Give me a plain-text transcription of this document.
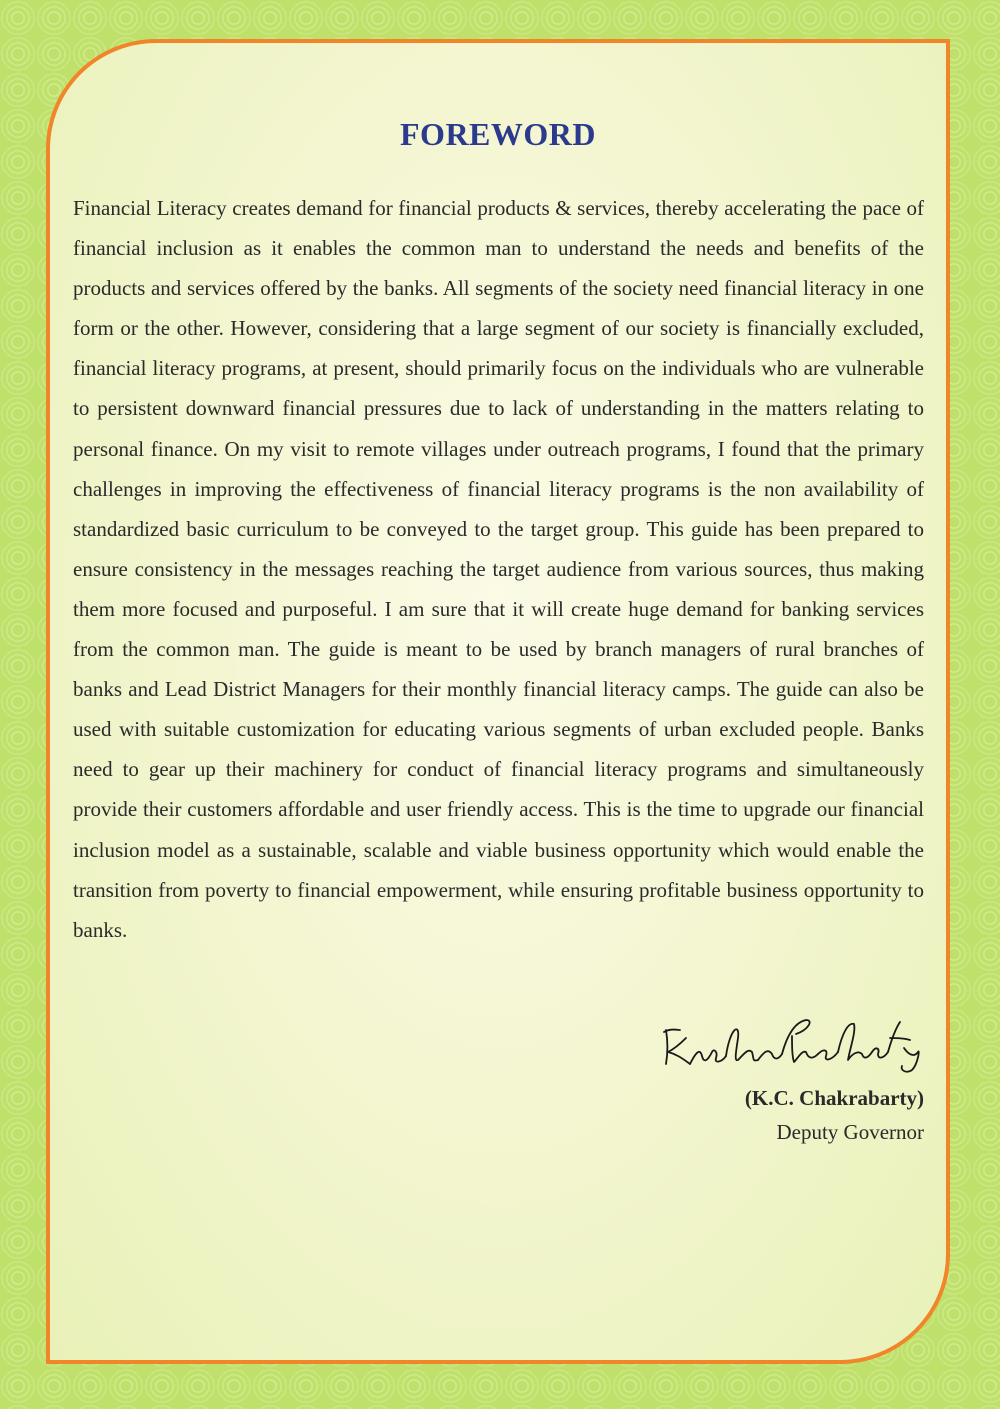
FOREWORD

Financial Literacy creates demand for financial products & services, thereby accelerating the pace of financial inclusion as it enables the common man to understand the needs and benefits of the products and services offered by the banks. All segments of the society need financial literacy in one form or the other. However, considering that a large segment of our society is financially excluded, financial literacy programs, at present, should primarily focus on the individuals who are vulnerable to persistent downward financial pressures due to lack of understanding in the matters relating to personal finance. On my visit to remote villages under outreach programs, I found that the primary challenges in improving the effectiveness of financial literacy programs is the non availability of standardized basic curriculum to be conveyed to the target group. This guide has been prepared to ensure consistency in the messages reaching the target audience from various sources, thus making them more focused and purposeful. I am sure that it will create huge demand for banking services from the common man. The guide is meant to be used by branch managers of rural branches of banks and Lead District Managers for their monthly financial literacy camps. The guide can also be used with suitable customization for educating various segments of urban excluded people. Banks need to gear up their machinery for conduct of financial literacy programs and simultaneously provide their customers affordable and user friendly access. This is the time to upgrade our financial inclusion model as a sustainable, scalable and viable business opportunity which would enable the transition from poverty to financial empowerment, while ensuring profitable business opportunity to banks.

(K.C. Chakrabarty)

Deputy Governor
